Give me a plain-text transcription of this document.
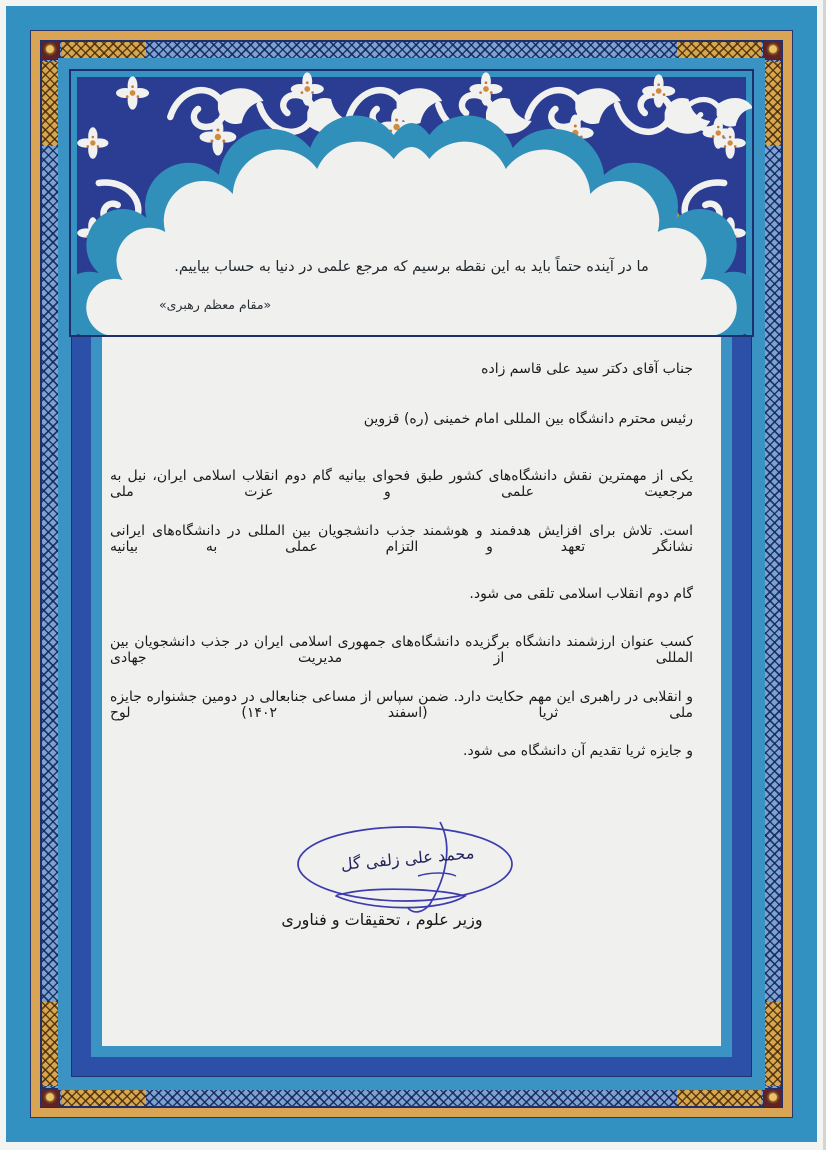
جناب آقای دکتر سید علی قاسم زاده
رئیس محترم دانشگاه بین المللی امام خمینی (ره) قزوین
یکی از مهمترین نقش دانشگاه‌های کشور طبق فحوای بیانیه گام دوم انقلاب اسلامی ایران، نیل به مرجعیت علمی و عزت ملی
است. تلاش برای افزایش هدفمند و هوشمند جذب دانشجویان بین المللی در دانشگاه‌های ایرانی نشانگر تعهد و التزام عملی به بیانیه
گام دوم انقلاب اسلامی تلقی می شود.
کسب عنوان ارزشمند دانشگاه برگزیده دانشگاه‌های جمهوری اسلامی ایران در جذب دانشجویان بین المللی از مدیریت جهادی
و انقلابی در راهبری این مهم حکایت دارد. ضمن سپاس از مساعی جنابعالی در دومین جشنواره جایزه ملی ثریا (اسفند ۱۴۰۲) لوح
و جایزه ثریا تقدیم آن دانشگاه می شود.
محمد علی زلفی گل
وزیر علوم ، تحقیقات و فناوری
ما در آینده حتماً باید به این نقطه برسیم که مرجع علمی در دنیا به حساب بیاییم.
«مقام معظم رهبری»
